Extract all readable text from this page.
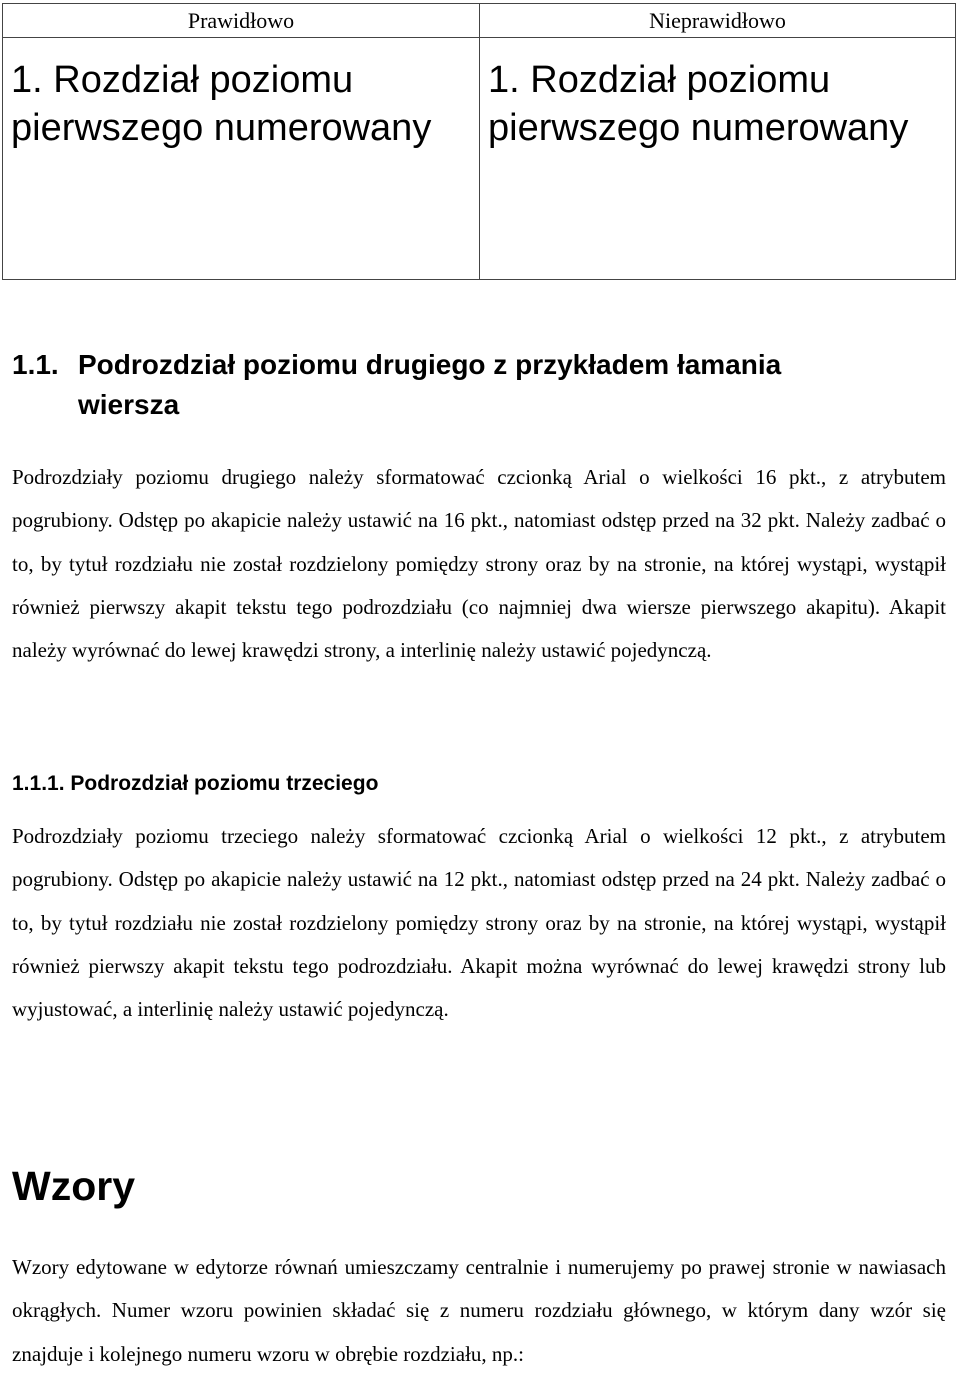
Prawidłowo	Nieprawidłowo

1. Rozdział poziomu pierwszego numerowany	1. Rozdział poziomu pierwszego numerowany

1.1. Podrozdział poziomu drugiego z przykładem łamania
wiersza

Podrozdziały poziomu drugiego należy sformatować czcionką Arial o wielkości 16 pkt., z atrybutem pogrubiony. Odstęp po akapicie należy ustawić na 16 pkt., natomiast odstęp przed na 32 pkt. Należy zadbać o to, by tytuł rozdziału nie został rozdzielony pomiędzy strony oraz by na stronie, na której wystąpi, wystąpił również pierwszy akapit tekstu tego podrozdziału (co najmniej dwa wiersze pierwszego akapitu). Akapit należy wyrównać do lewej krawędzi strony, a interlinię należy ustawić pojedynczą.

1.1.1. Podrozdział poziomu trzeciego

Podrozdziały poziomu trzeciego należy sformatować czcionką Arial o wielkości 12 pkt., z atrybutem pogrubiony. Odstęp po akapicie należy ustawić na 12 pkt., natomiast odstęp przed na 24 pkt. Należy zadbać o to, by tytuł rozdziału nie został rozdzielony pomiędzy strony oraz by na stronie, na której wystąpi, wystąpił również pierwszy akapit tekstu tego podrozdziału. Akapit można wyrównać do lewej krawędzi strony lub wyjustować, a interlinię należy ustawić pojedynczą.

Wzory

Wzory edytowane w edytorze równań umieszczamy centralnie i numerujemy po prawej stronie w nawiasach okrągłych. Numer wzoru powinien składać się z numeru rozdziału głównego, w którym dany wzór się znajduje i kolejnego numeru wzoru w obrębie rozdziału, np.:
